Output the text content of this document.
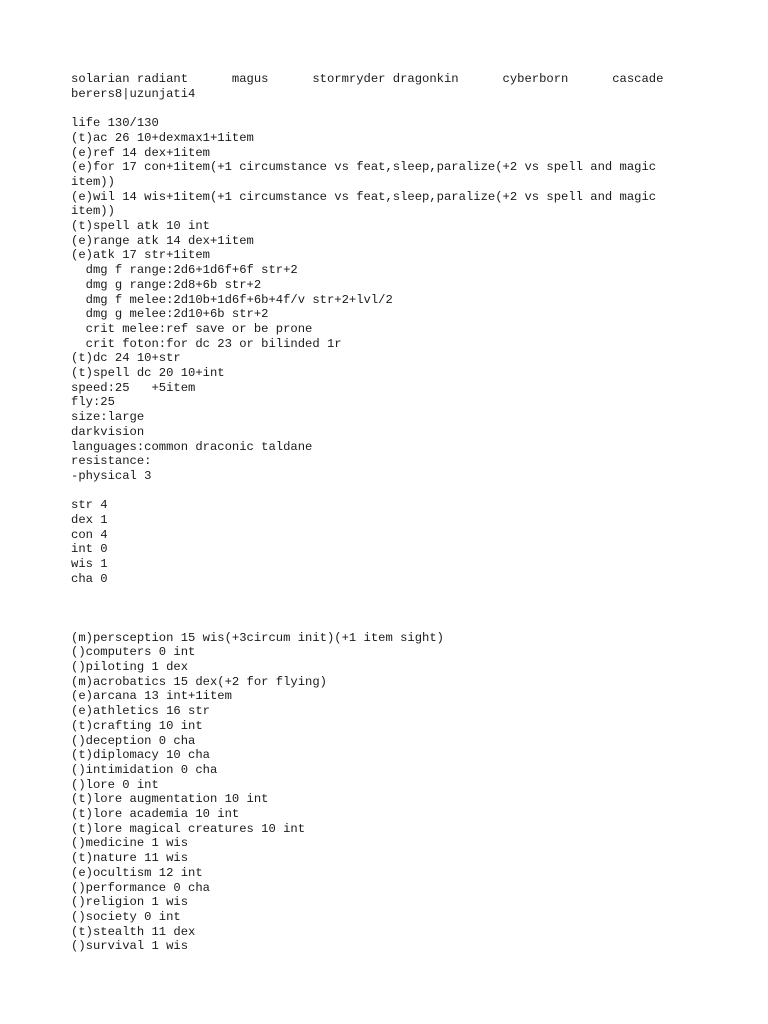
solarian radiant      magus      stormryder dragonkin      cyberborn      cascade
berers8|uzunjati4
life 130/130
(t)ac 26 10+dexmax1+1item
(e)ref 14 dex+1item
(e)for 17 con+1item(+1 circumstance vs feat,sleep,paralize(+2 vs spell and magic
item))
(e)wil 14 wis+1item(+1 circumstance vs feat,sleep,paralize(+2 vs spell and magic
item))
(t)spell atk 10 int
(e)range atk 14 dex+1item
(e)atk 17 str+1item
dmg f range:2d6+1d6f+6f str+2
dmg g range:2d8+6b str+2
dmg f melee:2d10b+1d6f+6b+4f/v str+2+lvl/2
dmg g melee:2d10+6b str+2
crit melee:ref save or be prone
crit foton:for dc 23 or bilinded 1r
(t)dc 24 10+str
(t)spell dc 20 10+int
speed:25   +5item
fly:25
size:large
darkvision
languages:common draconic taldane
resistance:
-physical 3
str 4
dex 1
con 4
int 0
wis 1
cha 0
(m)persception 15 wis(+3circum init)(+1 item sight)
()computers 0 int
()piloting 1 dex
(m)acrobatics 15 dex(+2 for flying)
(e)arcana 13 int+1item
(e)athletics 16 str
(t)crafting 10 int
()deception 0 cha
(t)diplomacy 10 cha
()intimidation 0 cha
()lore 0 int
(t)lore augmentation 10 int
(t)lore academia 10 int
(t)lore magical creatures 10 int
()medicine 1 wis
(t)nature 11 wis
(e)ocultism 12 int
()performance 0 cha
()religion 1 wis
()society 0 int
(t)stealth 11 dex
()survival 1 wis
